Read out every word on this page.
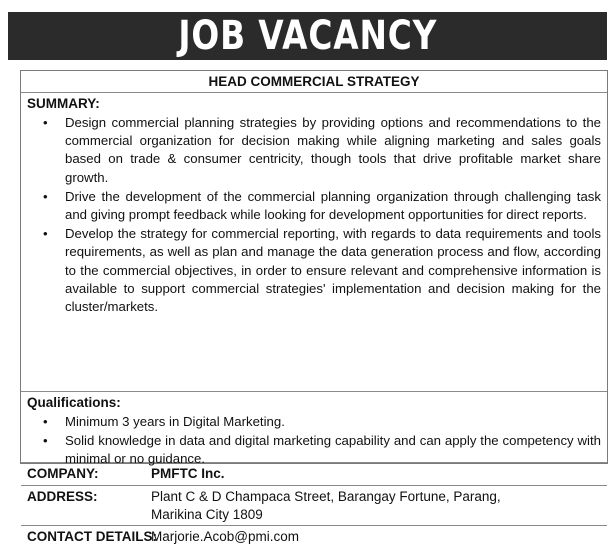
JOB VACANCY
HEAD COMMERCIAL STRATEGY
SUMMARY:
• Design commercial planning strategies by providing options and recommendations to the commercial organization for decision making while aligning marketing and sales goals based on trade & consumer centricity, though tools that drive profitable market share growth.
• Drive the development of the commercial planning organization through challenging task and giving prompt feedback while looking for development opportunities for direct reports.
• Develop the strategy for commercial reporting, with regards to data requirements and tools requirements, as well as plan and manage the data generation process and flow, according to the commercial objectives, in order to ensure relevant and comprehensive information is available to support commercial strategies' implementation and decision making for the cluster/markets.
Qualifications:
• Minimum 3 years in Digital Marketing.
• Solid knowledge in data and digital marketing capability and can apply the competency with minimal or no guidance.
COMPANY:	PMFTC Inc.
ADDRESS:	Plant C & D Champaca Street, Barangay Fortune, Parang,
Marikina City 1809
CONTACT DETAILS:
Marjorie.Acob@pmi.com
